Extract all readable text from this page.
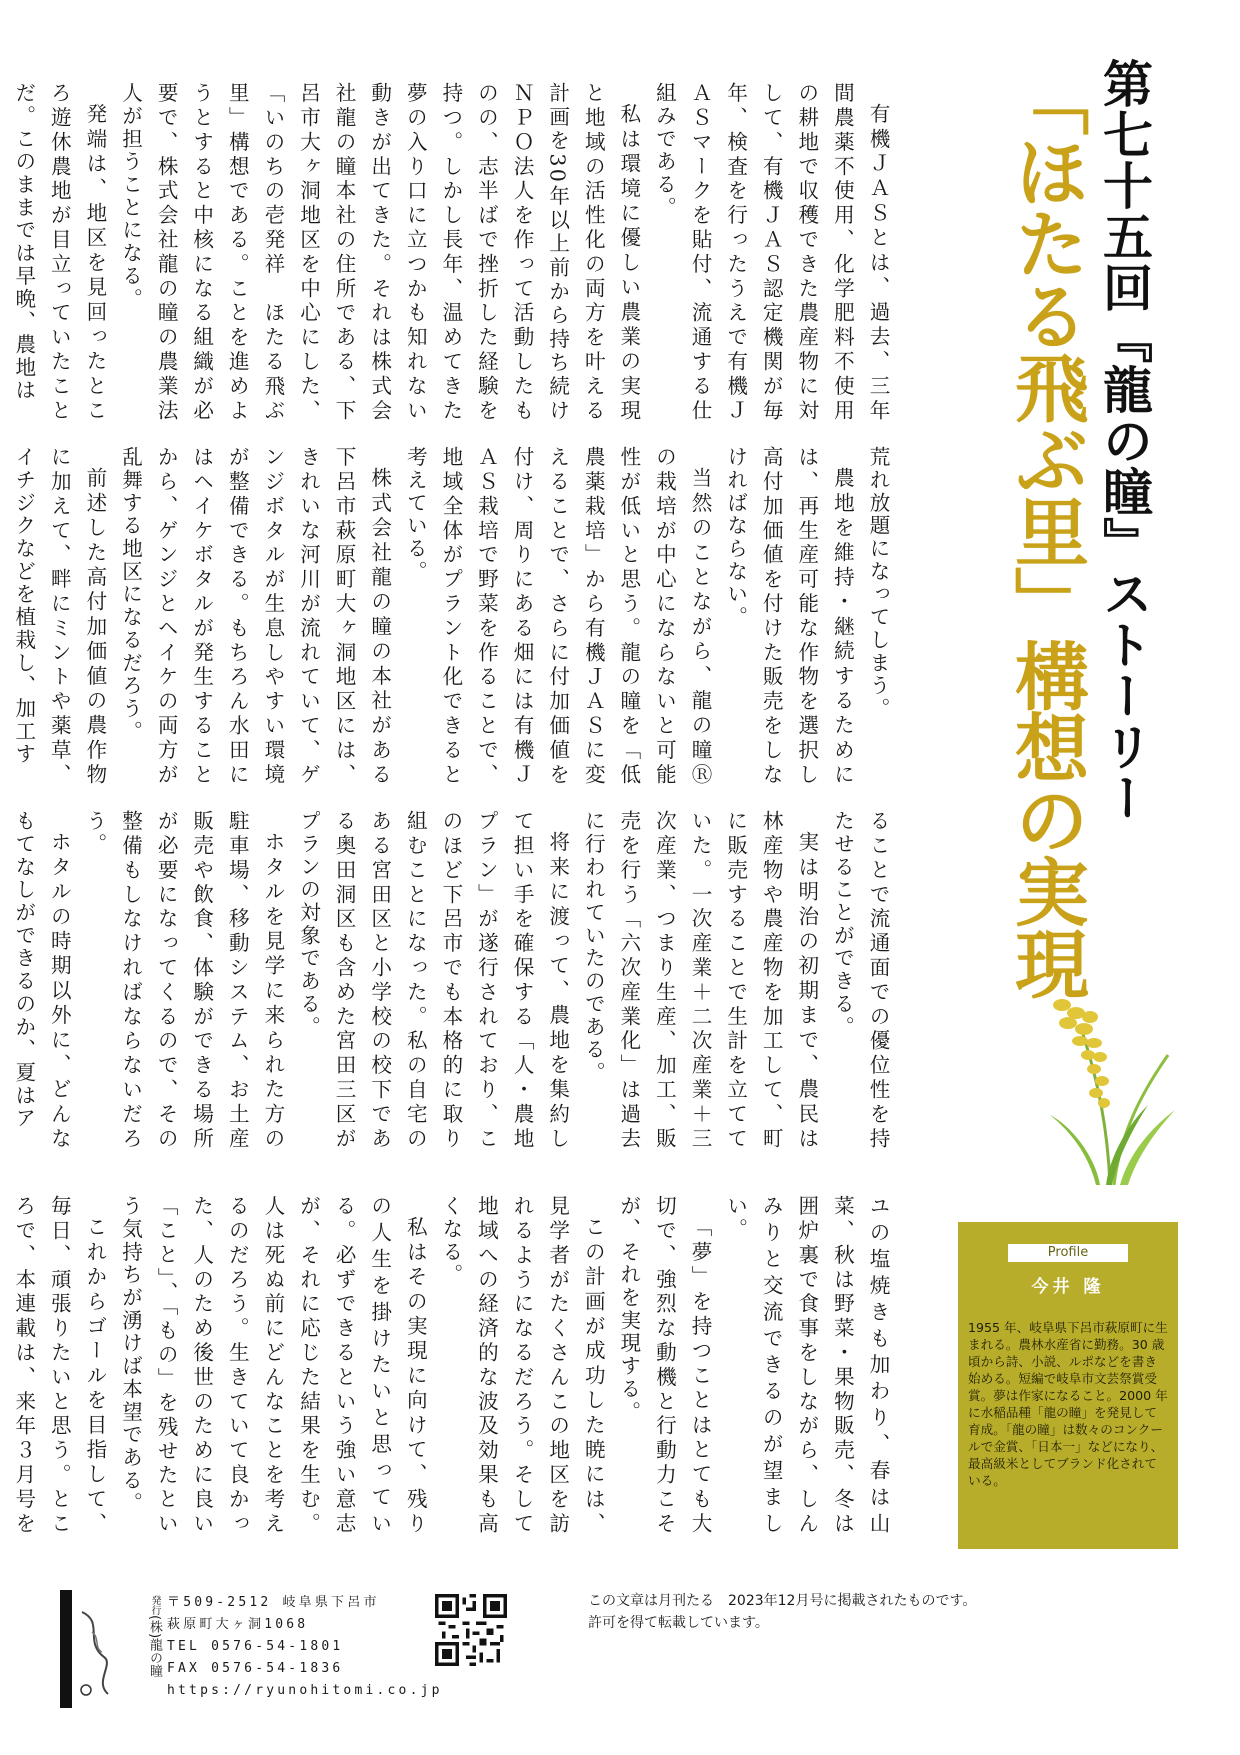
第七十五回『龍の瞳』ストーリー
「ほたる飛ぶ里」構想の実現
有機ＪＡＳとは、過去、三年間農薬不使用、化学肥料不使用の耕地で収穫できた農産物に対して、有機ＪＡＳ認定機関が毎年、検査を行ったうえで有機ＪＡＳマークを貼付、流通する仕組みである。
私は環境に優しい農業の実現と地域の活性化の両方を叶える計画を30年以上前から持ち続けＮＰＯ法人を作って活動したものの、志半ばで挫折した経験を持つ。しかし長年、温めてきた夢の入り口に立つかも知れない動きが出てきた。それは株式会社龍の瞳本社の住所である、下呂市大ヶ洞地区を中心にした、「いのちの壱発祥　ほたる飛ぶ里」構想である。ことを進めようとすると中核になる組織が必要で、株式会社龍の瞳の農業法人が担うことになる。
発端は、地区を見回ったところ遊休農地が目立っていたことだ。このままでは早晩、農地は
荒れ放題になってしまう。
農地を維持・継続するためには、再生産可能な作物を選択し高付加価値を付けた販売をしなければならない。
当然のことながら、龍の瞳Ⓡの栽培が中心にならないと可能性が低いと思う。龍の瞳を「低農薬栽培」から有機ＪＡＳに変えることで、さらに付加価値を付け、周りにある畑には有機ＪＡＳ栽培で野菜を作ることで、地域全体がプラント化できると考えている。
株式会社龍の瞳の本社がある下呂市萩原町大ヶ洞地区には、きれいな河川が流れていて、ゲンジボタルが生息しやすい環境が整備できる。もちろん水田にはヘイケボタルが発生することから、ゲンジとヘイケの両方が乱舞する地区になるだろう。
前述した高付加価値の農作物に加えて、畔にミントや薬草、イチジクなどを植栽し、加工す
ることで流通面での優位性を持たせることができる。
実は明治の初期まで、農民は林産物や農産物を加工して、町に販売することで生計を立てていた。一次産業＋二次産業＋三次産業、つまり生産、加工、販売を行う「六次産業化」は過去に行われていたのである。
将来に渡って、農地を集約して担い手を確保する「人・農地プラン」が遂行されており、このほど下呂市でも本格的に取り組むことになった。私の自宅のある宮田区と小学校の校下である奥田洞区も含めた宮田三区がプランの対象である。
ホタルを見学に来られた方の駐車場、移動システム、お土産販売や飲食、体験ができる場所が必要になってくるので、その整備もしなければならないだろう。
ホタルの時期以外に、どんなもてなしができるのか、夏はア
ユの塩焼きも加わり、春は山菜、秋は野菜・果物販売、冬は囲炉裏で食事をしながら、しんみりと交流できるのが望ましい。
「夢」を持つことはとても大切で、強烈な動機と行動力こそが、それを実現する。
この計画が成功した暁には、見学者がたくさんこの地区を訪れるようになるだろう。そして地域への経済的な波及効果も高くなる。
私はその実現に向けて、残りの人生を掛けたいと思っている。必ずできるという強い意志が、それに応じた結果を生む。人は死ぬ前にどんなことを考えるのだろう。生きていて良かった、人のため後世のために良い「こと」、「もの」を残せたという気持ちが湧けば本望である。
これからゴールを目指して、毎日、頑張りたいと思う。ところで、本連載は、来年３月号を
Profile
今井 隆
1955 年、岐阜県下呂市萩原町に生まれる。農林水産省に勤務。30 歳頃から詩、小説、ルポなどを書き始める。短編で岐阜市文芸祭賞受賞。夢は作家になること。2000 年に水稲品種「龍の瞳」を発見して育成。「龍の瞳」は数々のコンクールで金賞、「日本一」などになり、最高級米としてブランド化されている。
発行(株)龍の瞳
〒509-2512 岐阜県下呂市
萩原町大ヶ洞1068
TEL 0576-54-1801
FAX 0576-54-1836
https://ryunohitomi.co.jp
この文章は月刊たる　2023年12月号に掲載されたものです。
許可を得て転載しています。
